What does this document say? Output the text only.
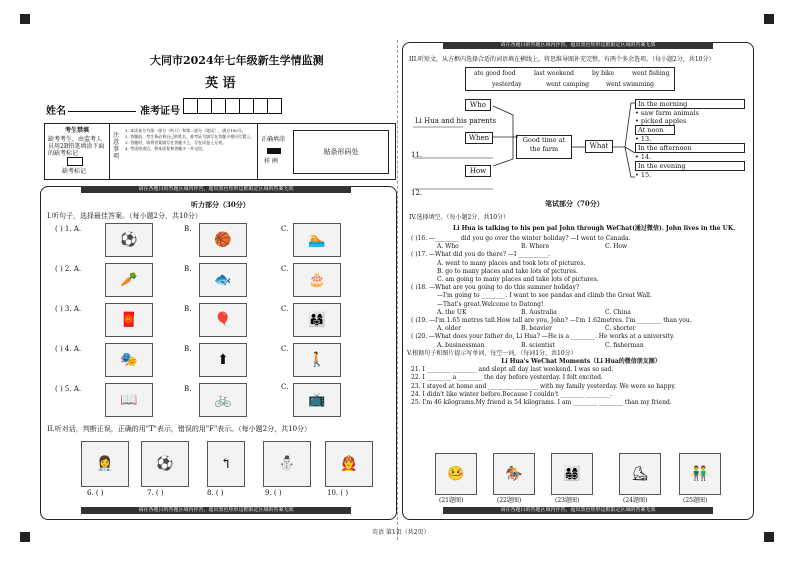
大同市2024年七年级新生学情监测
英 语
姓名	准考证号
考生禁填
缺考考生，由监考人员用2B铅笔填涂下面的缺考标记
缺考标记
注意事项
1. 本试卷分为第一部分（听力）和第二部分（笔试），满分100分。
2. 答题前，考生务必将自己的姓名、准考证号填写在答题卡相应位置上。
3. 答题时，请将答案填写在答题卡上，写在试卷上无效。
4. 考试结束后，将本试卷和答题卡一并交回。
正确填涂
样 例
贴条形码处
请在各题目的答题区域内作答，超出黑色矩形边框限定区域的答案无效
听力部分（30分）
I.听句子，选择最佳答案。（每小题2分，共10分）
( ) 1. A.
⚽
B.
🏀
C.
🏊
( ) 2. A.
🥕
B.
🐟
C.
🎂
( ) 3. A.
🧧
B.
🎈
C.
👨‍👩‍👧
( ) 4. A.
🎭
B.
⬆
C.
🚶
( ) 5. A.
📖
B.
🚲
C.
📺
II.听对话，判断正误，正确的用"T"表示，错误的用"F"表示。（每小题2分，共10分）
👩‍⚕️	⚽	↰	⛄	👨‍🚒
6. ( )	7. ( )	8. ( )	9. ( )	10. ( )
请在各题目的答题区域内作答，超出黑色矩形边框限定区域的答案无效
请在各题目的答题区域内作答，超出黑色矩形边框限定区域的答案无效
III.听短文，从方框内选择合适的词语填在横线上，将思维导图补充完整，有两个多余选项。（每小题2分，共10分）
ate good food	last weekend	by bike	went fishing
yesterday	went camping	went swimming
Who
Li Hua and his parents
When
11.
How
12.
Good time at the farm	What
In the morning
• saw farm animals
• picked apples
At noon
• 13.
In the afternoon
• 14.
In the evening
• 15.
笔试部分（70分）
IV.选择填空。（每小题2分，共10分）
Li Hua is talking to his pen pal John through WeChat(通过微信). John lives in the UK.
( )16. —________ did you go over the winter holiday? —I went to Canada.
A. Who	B. Where	C. How
( )17. —What did you do there? —I __________.
A. went to many places and took lots of pictures.
B. go to many places and take lots of pictures.
C. am going to many places and take lots of pictures.
( )18. —What are you going to do this summer holiday?
—I'm going to ________. I want to see pandas and climb the Great Wall.
—That's great.Welcome to Datong!
A. the UK	B. Australia	C. China
( )19. —I'm 1.65 metres tall.How tall are you, John? —I'm 1.62metres. I'm ________ than you.
A. older	B. heavier	C. shorter
( )20. —What does your father do, Li Hua? —He is a ________. He works at a university.
A. businessman	B. scientist	C. fisherman
V.根据句子和图片提示写单词，每空一词。（每词1分，共10分）
Li Hua's WeChat Moments（Li Hua的微信朋友圈）
21. I ________ ________ and slept all day last weekend. I was so sad.
22. I ________ a ________ the day before yesterday. I felt excited.
23. I stayed at home and ________ ________ with my family yesterday. We were so happy.
24. I didn't like winter before.Because I couldn't ________ ________.
25. I'm 46 kilograms.My friend is 54 kilograms. I am ________ ________ than my friend.
🤒	🏇	👨‍👩‍👧‍👦	⛸	👬
(21题图)	(22题图)	(23题图)	(24题图)	(25题图)
请在各题目的答题区域内作答，超出黑色矩形边框限定区域的答案无效
英语 第1页（共2页）
